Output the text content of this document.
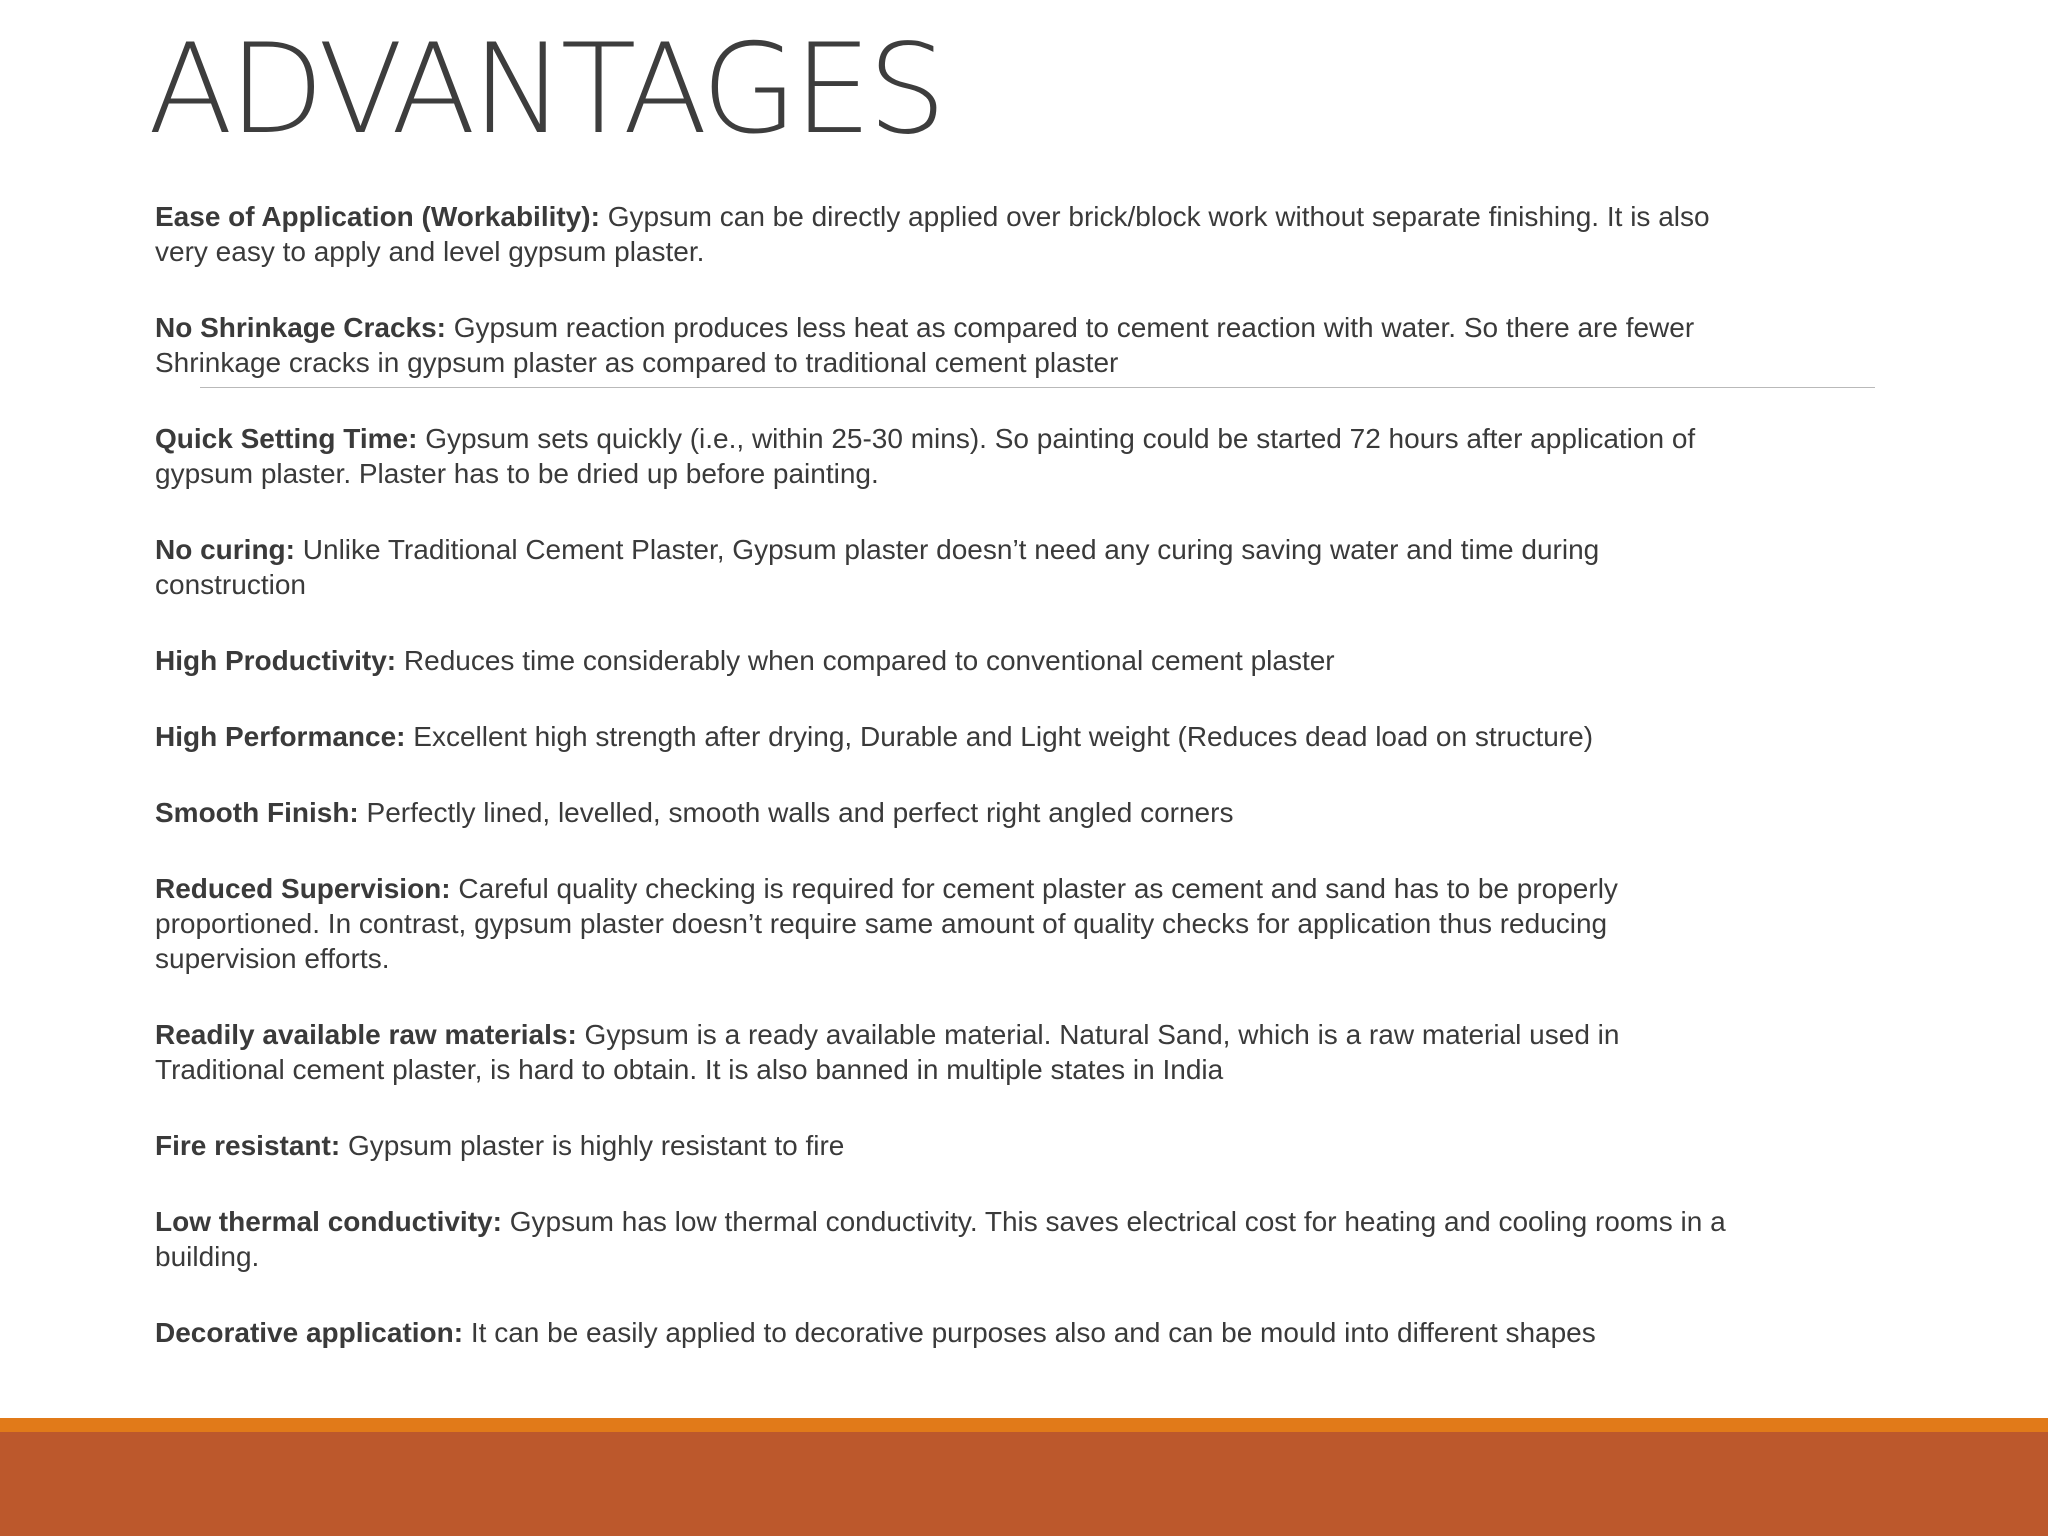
ADVANTAGES
Ease of Application (Workability): Gypsum can be directly applied over brick/block work without separate finishing. It is also very easy to apply and level gypsum plaster.
No Shrinkage Cracks: Gypsum reaction produces less heat as compared to cement reaction with water. So there are fewer Shrinkage cracks in gypsum plaster as compared to traditional cement plaster
Quick Setting Time: Gypsum sets quickly (i.e., within 25-30 mins). So painting could be started 72 hours after application of gypsum plaster. Plaster has to be dried up before painting.
No curing: Unlike Traditional Cement Plaster, Gypsum plaster doesn’t need any curing saving water and time during construction
High Productivity: Reduces time considerably when compared to conventional cement plaster
High Performance: Excellent high strength after drying, Durable and Light weight (Reduces dead load on structure)
Smooth Finish: Perfectly lined, levelled, smooth walls and perfect right angled corners
Reduced Supervision: Careful quality checking is required for cement plaster as cement and sand has to be properly proportioned. In contrast, gypsum plaster doesn’t require same amount of quality checks for application thus reducing supervision efforts.
Readily available raw materials: Gypsum is a ready available material. Natural Sand, which is a raw material used in Traditional cement plaster, is hard to obtain. It is also banned in multiple states in India
Fire resistant: Gypsum plaster is highly resistant to fire
Low thermal conductivity: Gypsum has low thermal conductivity. This saves electrical cost for heating and cooling rooms in a building.
Decorative application: It can be easily applied to decorative purposes also and can be mould into different shapes
